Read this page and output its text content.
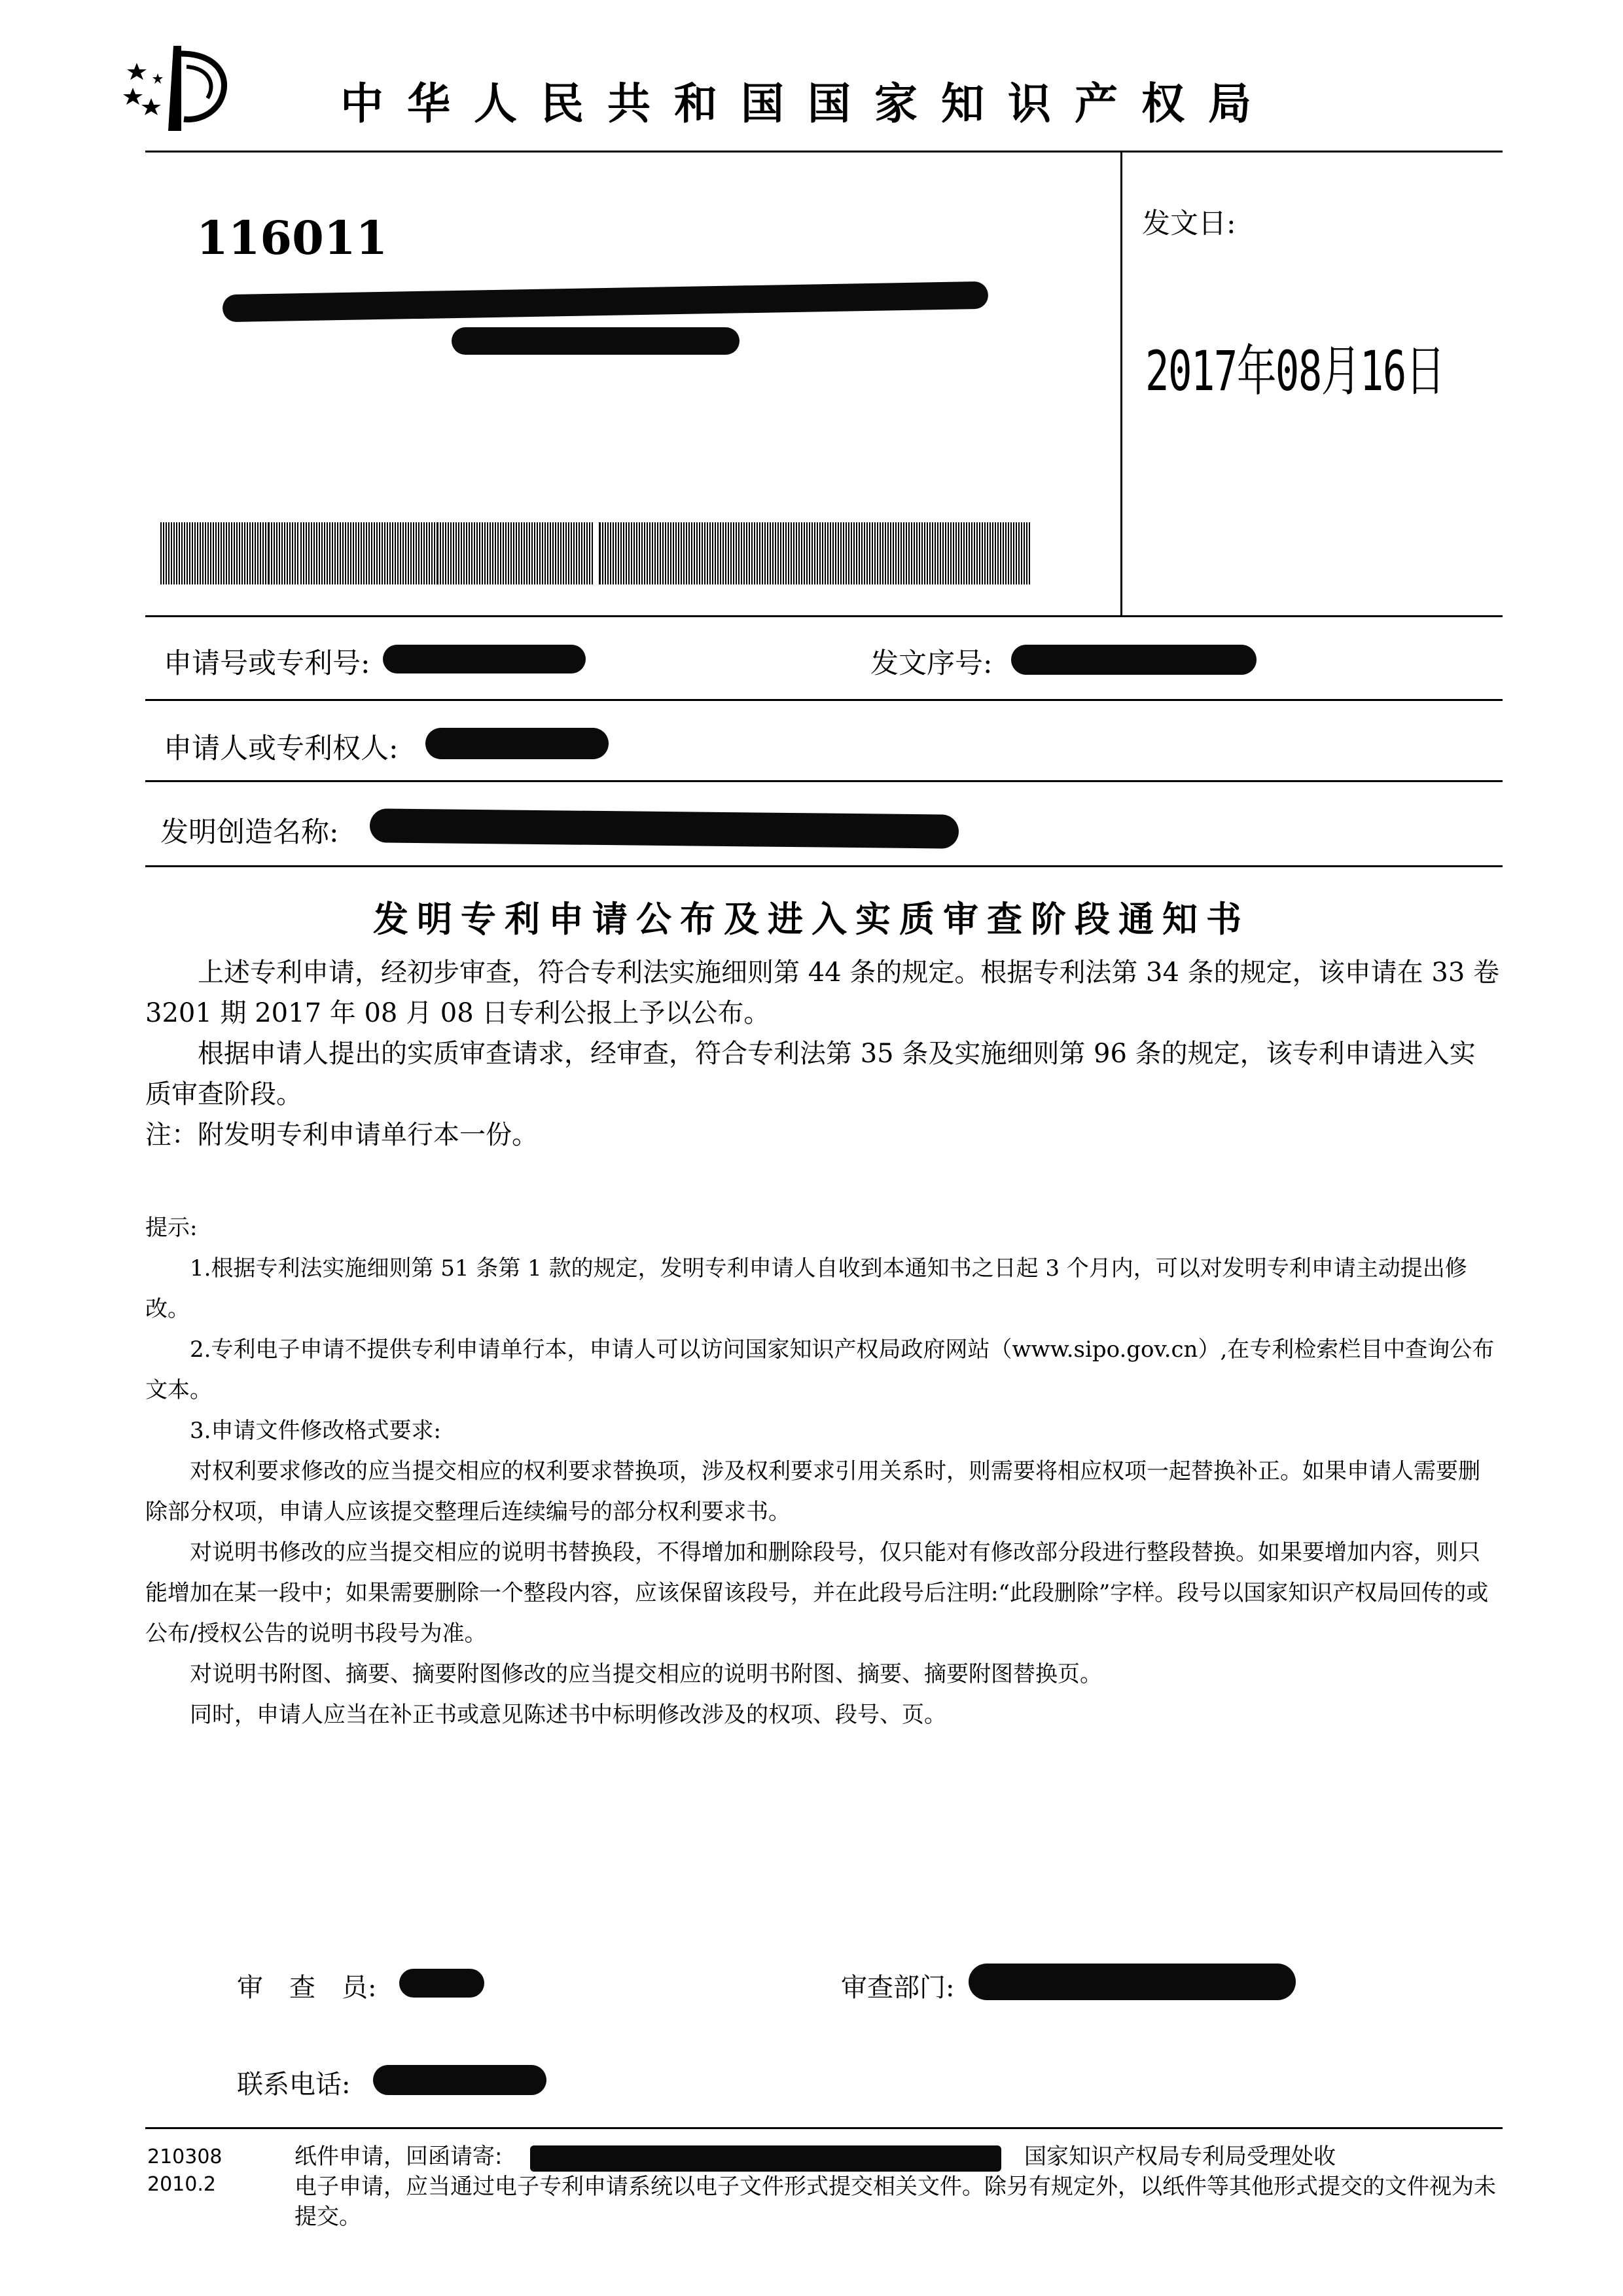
中华人民共和国国家知识产权局
116011	发文日:
2017年08月16日
申请号或专利号:	发文序号:
申请人或专利权人:
发明创造名称:
发明专利申请公布及进入实质审查阶段通知书

上述专利申请，经初步审查，符合专利法实施细则第 44 条的规定。根据专利法第 34 条的规定，该申请在 33 卷 3201 期 2017 年 08 月 08 日专利公报上予以公布。

根据申请人提出的实质审查请求，经审查，符合专利法第 35 条及实施细则第 96 条的规定，该专利申请进入实质审查阶段。

注：附发明专利申请单行本一份。

提示:

1.根据专利法实施细则第 51 条第 1 款的规定，发明专利申请人自收到本通知书之日起 3 个月内，可以对发明专利申请主动提出修改。

2.专利电子申请不提供专利申请单行本，申请人可以访问国家知识产权局政府网站（www.sipo.gov.cn）,在专利检索栏目中查询公布文本。

3.申请文件修改格式要求:

对权利要求修改的应当提交相应的权利要求替换项，涉及权利要求引用关系时，则需要将相应权项一起替换补正。如果申请人需要删除部分权项，申请人应该提交整理后连续编号的部分权利要求书。

对说明书修改的应当提交相应的说明书替换段，不得增加和删除段号，仅只能对有修改部分段进行整段替换。如果要增加内容，则只能增加在某一段中；如果需要删除一个整段内容，应该保留该段号，并在此段号后注明:“此段删除”字样。段号以国家知识产权局回传的或公布/授权公告的说明书段号为准。

对说明书附图、摘要、摘要附图修改的应当提交相应的说明书附图、摘要、摘要附图替换页。

同时，申请人应当在补正书或意见陈述书中标明修改涉及的权项、段号、页。

审　查　员:	审查部门:
联系电话:
210308
2010.2
纸件申请，回函请寄:	国家知识产权局专利局受理处收
电子申请，应当通过电子专利申请系统以电子文件形式提交相关文件。除另有规定外，以纸件等其他形式提交的文件视为未提交。
